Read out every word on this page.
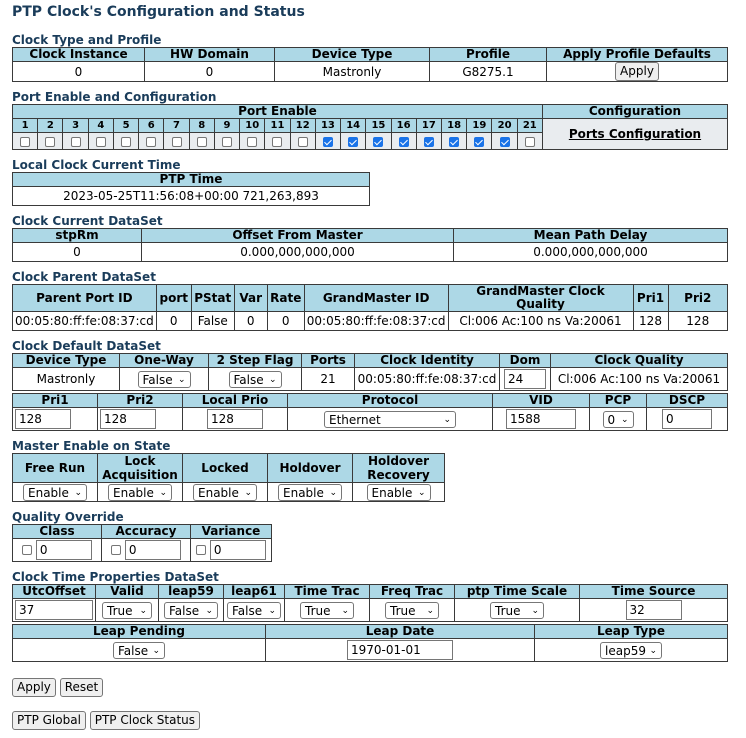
PTP Clock's Configuration and Status
Clock Type and Profile
Clock Instance	HW Domain	Device Type	Profile	Apply Profile Defaults
0	0	Mastronly	G8275.1	Apply
Port Enable and Configuration
Port Enable																					Configuration
1	2	3	4	5	6	7	8	9	10	11	12	13	14	15	16	17	18	19	20	21	Ports Configuration

Local Clock Current Time
PTP Time
2023-05-25T11:56:08+00:00 721,263,893
Clock Current DataSet
stpRm	Offset From Master	Mean Path Delay
0	0.000,000,000,000	0.000,000,000,000
Clock Parent DataSet
Parent Port ID	port	PStat	Var	Rate	GrandMaster ID	GrandMaster Clock Quality	Pri1	Pri2
00:05:80:ff:fe:08:37:cd	0	False	0	0	00:05:80:ff:fe:08:37:cd	Cl:006 Ac:100 ns Va:20061	128	128
Clock Default DataSet
Device Type	One-Way	2 Step Flag	Ports	Clock Identity	Dom	Clock Quality
Mastronly	False ⌄	False ⌄	21	00:05:80:ff:fe:08:37:cd	24	Cl:006 Ac:100 ns Va:20061
Pri1	Pri2	Local Prio	Protocol	VID	PCP	DSCP
128	128	128	Ethernet ⌄	1588	0 ⌄	0
Master Enable on State
Free Run	Lock Acquisition	Locked	Holdover	Holdover Recovery
Enable ⌄	Enable ⌄	Enable ⌄	Enable ⌄	Enable ⌄
Quality Override
Class	Accuracy	Variance
0	0	0
Clock Time Properties DataSet
UtcOffset	Valid	leap59	leap61	Time Trac	Freq Trac	ptp Time Scale	Time Source
37	True ⌄	False ⌄	False ⌄	True ⌄	True ⌄	True ⌄	32
Leap Pending	Leap Date	Leap Type
False ⌄	1970-01-01	leap59 ⌄
Apply Reset
PTP Global PTP Clock Status
